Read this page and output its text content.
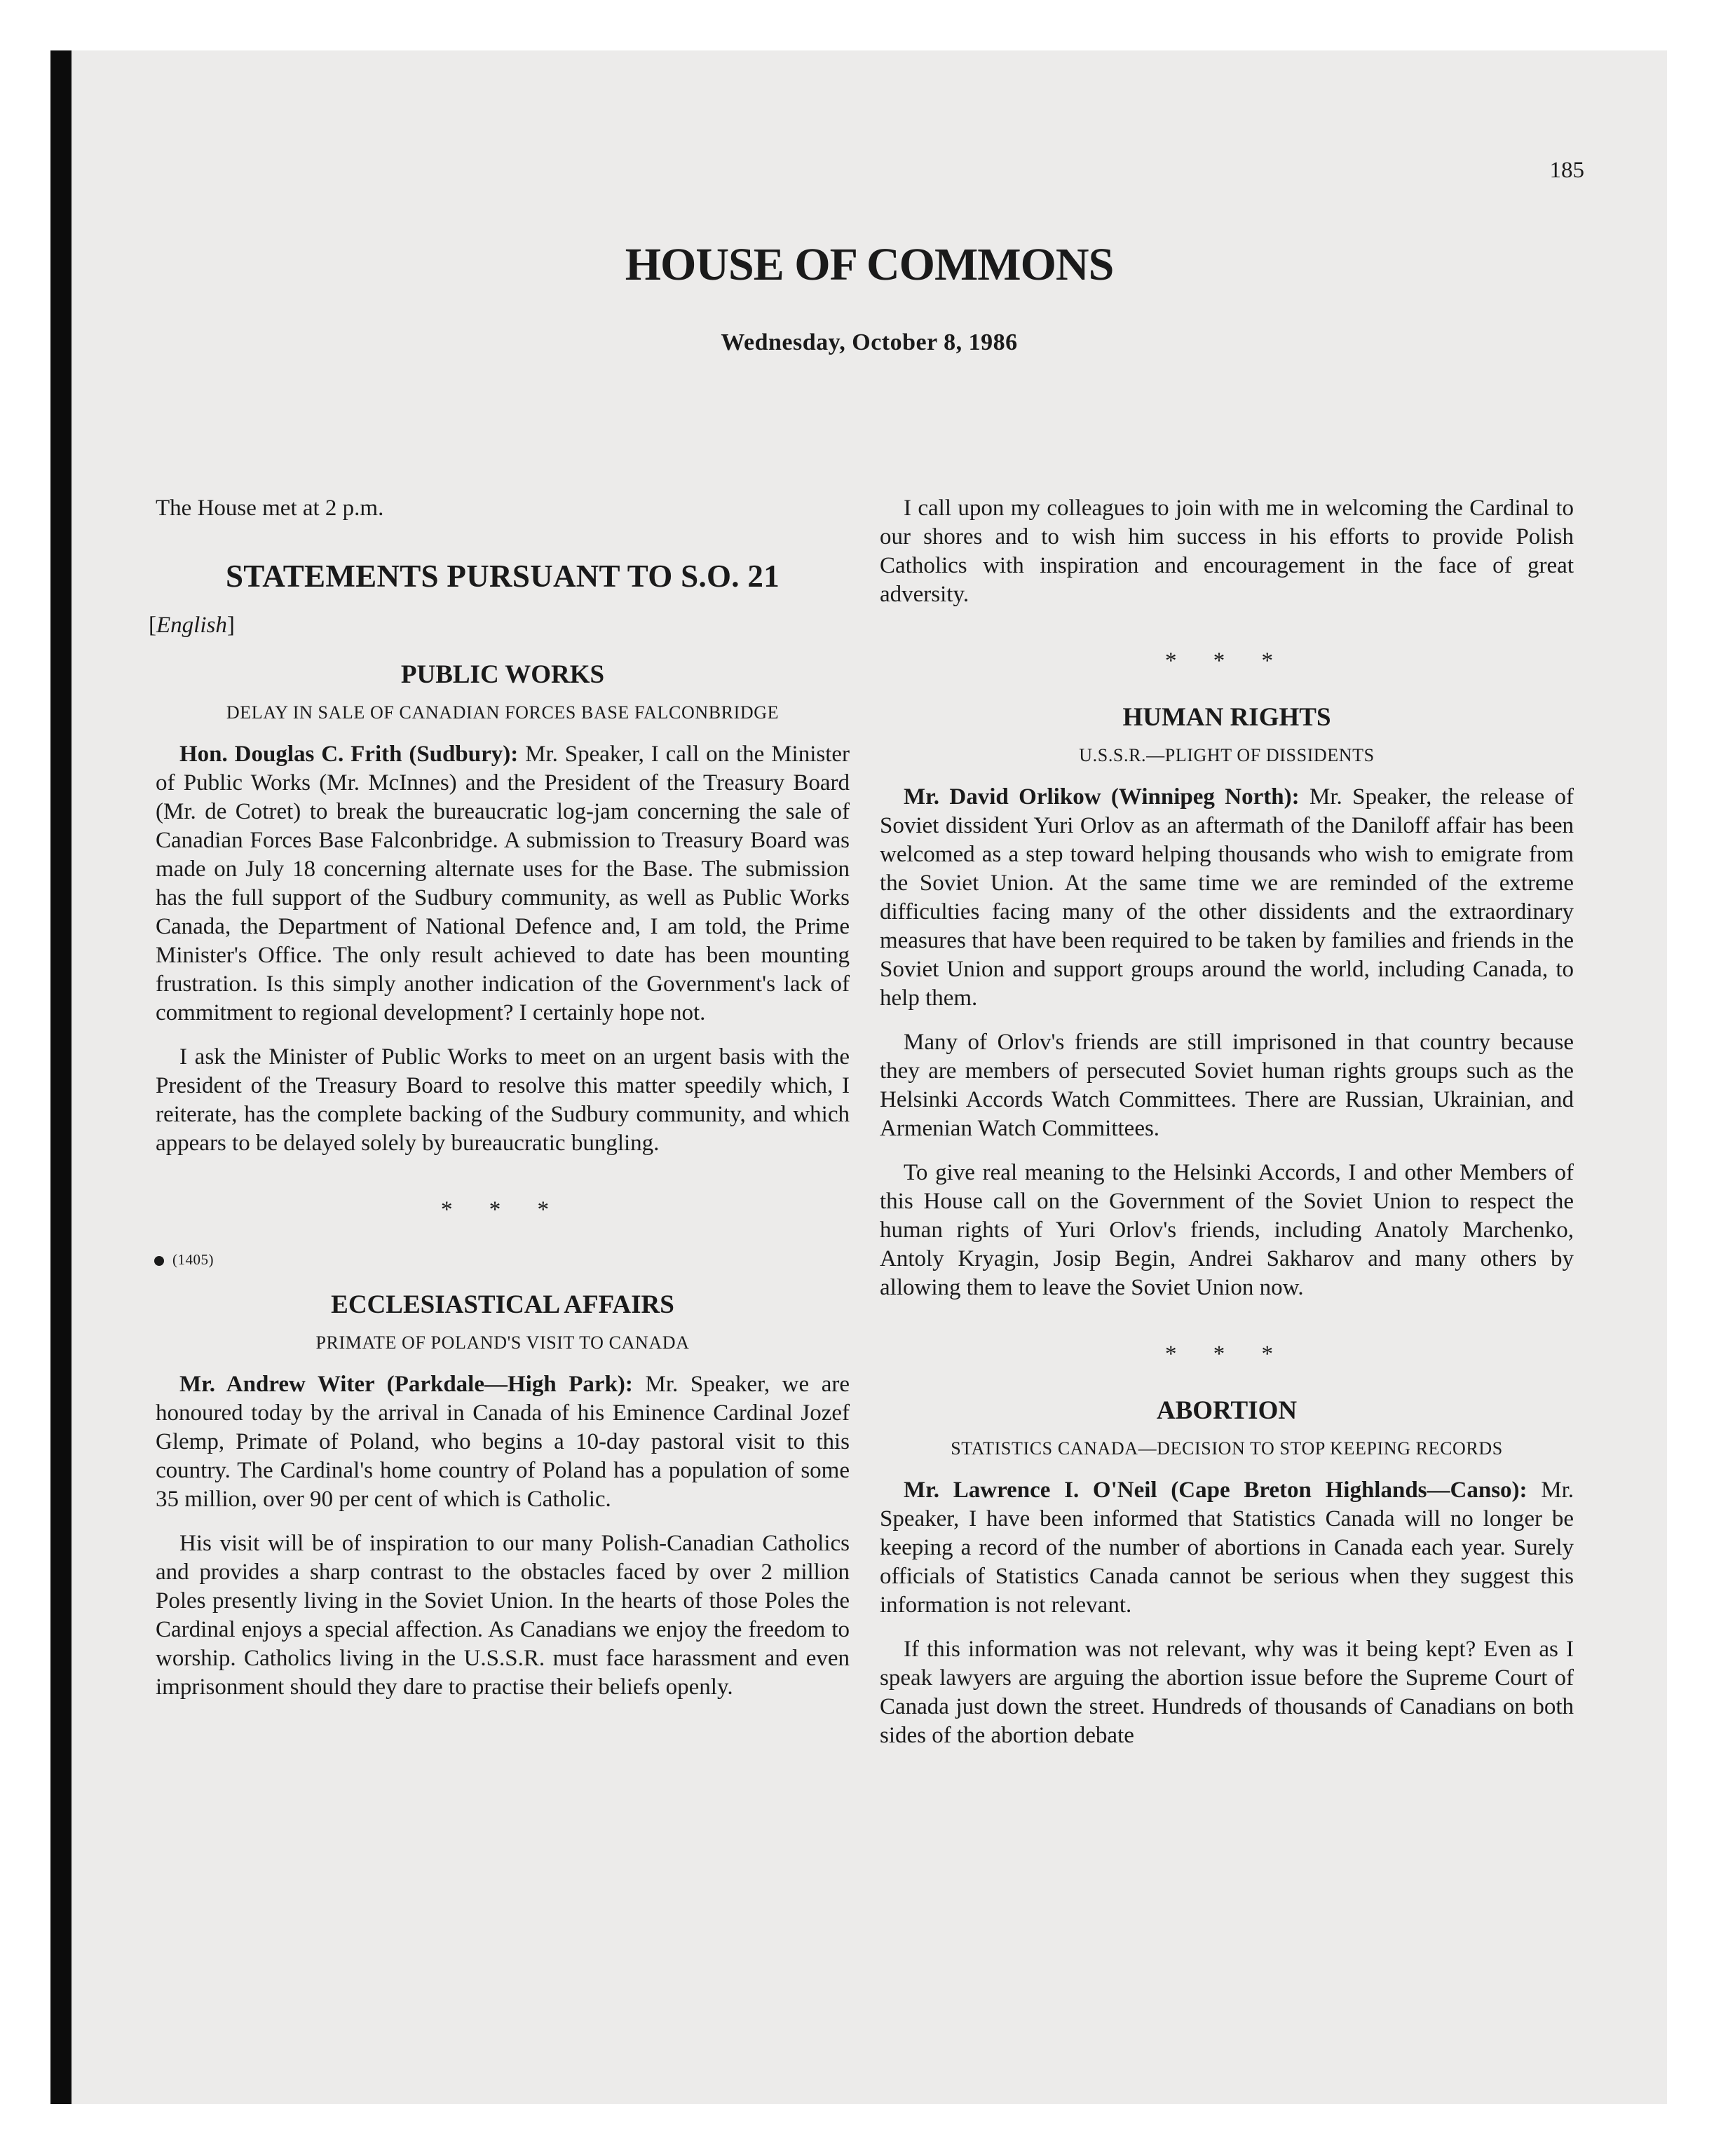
185
HOUSE OF COMMONS
Wednesday, October 8, 1986

The House met at 2 p.m.

STATEMENTS PURSUANT TO S.O. 21
[English]
PUBLIC WORKS
DELAY IN SALE OF CANADIAN FORCES BASE FALCONBRIDGE

Hon. Douglas C. Frith (Sudbury): Mr. Speaker, I call on the Minister of Public Works (Mr. McInnes) and the President of the Treasury Board (Mr. de Cotret) to break the bureaucratic log-jam concerning the sale of Canadian Forces Base Falconbridge. A submission to Treasury Board was made on July 18 concerning alternate uses for the Base. The submission has the full support of the Sudbury community, as well as Public Works Canada, the Department of National Defence and, I am told, the Prime Minister's Office. The only result achieved to date has been mounting frustration. Is this simply another indication of the Government's lack of commitment to regional development? I certainly hope not.

I ask the Minister of Public Works to meet on an urgent basis with the President of the Treasury Board to resolve this matter speedily which, I reiterate, has the complete backing of the Sudbury community, and which appears to be delayed solely by bureaucratic bungling.

* * *
(1405)
ECCLESIASTICAL AFFAIRS
PRIMATE OF POLAND'S VISIT TO CANADA

Mr. Andrew Witer (Parkdale—High Park): Mr. Speaker, we are honoured today by the arrival in Canada of his Eminence Cardinal Jozef Glemp, Primate of Poland, who begins a 10-day pastoral visit to this country. The Cardinal's home country of Poland has a population of some 35 million, over 90 per cent of which is Catholic.

His visit will be of inspiration to our many Polish-Canadian Catholics and provides a sharp contrast to the obstacles faced by over 2 million Poles presently living in the Soviet Union. In the hearts of those Poles the Cardinal enjoys a special affection. As Canadians we enjoy the freedom to worship. Catholics living in the U.S.S.R. must face harassment and even imprisonment should they dare to practise their beliefs openly.

I call upon my colleagues to join with me in welcoming the Cardinal to our shores and to wish him success in his efforts to provide Polish Catholics with inspiration and encouragement in the face of great adversity.

* * *
HUMAN RIGHTS
U.S.S.R.—PLIGHT OF DISSIDENTS

Mr. David Orlikow (Winnipeg North): Mr. Speaker, the release of Soviet dissident Yuri Orlov as an aftermath of the Daniloff affair has been welcomed as a step toward helping thousands who wish to emigrate from the Soviet Union. At the same time we are reminded of the extreme difficulties facing many of the other dissidents and the extraordinary measures that have been required to be taken by families and friends in the Soviet Union and support groups around the world, including Canada, to help them.

Many of Orlov's friends are still imprisoned in that country because they are members of persecuted Soviet human rights groups such as the Helsinki Accords Watch Committees. There are Russian, Ukrainian, and Armenian Watch Committees.

To give real meaning to the Helsinki Accords, I and other Members of this House call on the Government of the Soviet Union to respect the human rights of Yuri Orlov's friends, including Anatoly Marchenko, Antoly Kryagin, Josip Begin, Andrei Sakharov and many others by allowing them to leave the Soviet Union now.

* * *
ABORTION
STATISTICS CANADA—DECISION TO STOP KEEPING RECORDS

Mr. Lawrence I. O'Neil (Cape Breton Highlands—Canso): Mr. Speaker, I have been informed that Statistics Canada will no longer be keeping a record of the number of abortions in Canada each year. Surely officials of Statistics Canada cannot be serious when they suggest this information is not relevant.

If this information was not relevant, why was it being kept? Even as I speak lawyers are arguing the abortion issue before the Supreme Court of Canada just down the street. Hundreds of thousands of Canadians on both sides of the abortion debate
